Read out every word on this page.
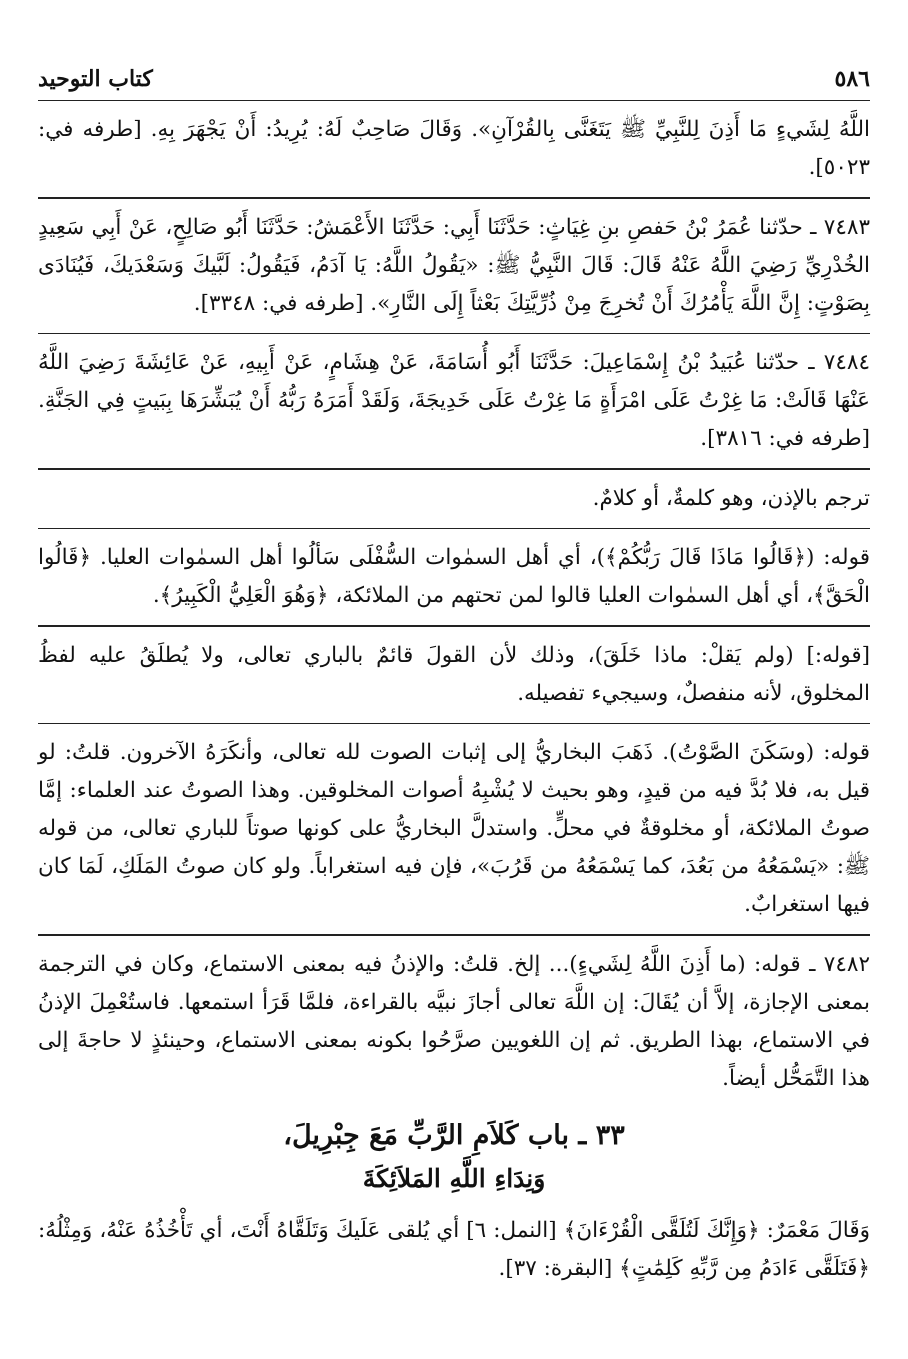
٥٨٦
كتاب التوحيد

اللَّهُ لِشَيءٍ مَا أَذِنَ لِلنَّبِيِّ ﷺ يَتَغَنَّى بِالقُرْآنِ». وَقَالَ صَاحِبٌ لَهُ: يُرِيدُ: أَنْ يَجْهَرَ بِهِ. [طرفه في: ٥٠٢٣].

٧٤٨٣ ـ حدّثنا عُمَرُ بْنُ حَفصِ بنِ غِيَاثٍ: حَدَّثَنَا أَبِي: حَدَّثَنَا الأَعْمَشُ: حَدَّثَنَا أَبُو صَالِحٍ، عَنْ أَبِي سَعِيدٍ الخُدْرِيِّ رَضِيَ اللَّهُ عَنْهُ قَالَ: قَالَ النَّبِيُّ ﷺ: «يَقُولُ اللَّهُ: يَا آدَمُ، فَيَقُولُ: لَبَّيكَ وَسَعْدَيكَ، فَيُنَادَى بِصَوْتٍ: إِنَّ اللَّهَ يَأْمُرُكَ أَنْ تُخرِجَ مِنْ ذُرِّيَّتِكَ بَعْثاً إِلَى النَّارِ». [طرفه في: ٣٣٤٨].

٧٤٨٤ ـ حدّثنا عُبَيدُ بْنُ إِسْمَاعِيلَ: حَدَّثَنَا أَبُو أُسَامَةَ، عَنْ هِشَامٍ، عَنْ أَبِيهِ، عَنْ عَائِشَةَ رَضِيَ اللَّهُ عَنْهَا قَالَتْ: مَا غِرْتُ عَلَى امْرَأَةٍ مَا غِرْتُ عَلَى خَدِيجَةَ، وَلَقَدْ أَمَرَهُ رَبُّهُ أَنْ يُبَشِّرَهَا بِبَيتٍ فِي الجَنَّةِ. [طرفه في: ٣٨١٦].

ترجم بالإذن، وهو كلمةٌ، أو كلامٌ.

قوله: (﴿قَالُوا مَاذَا قَالَ رَبُّكُمْ﴾)، أي أهل السمٰوات السُّفْلَى سَألُوا أهل السمٰوات العليا. ﴿قَالُوا الْحَقَّ﴾، أي أهل السمٰوات العليا قالوا لمن تحتهم من الملائكة، ﴿وَهُوَ الْعَلِيُّ الْكَبِيرُ﴾.

[قوله:] (ولم يَقلْ: ماذا خَلَقَ)، وذلك لأن القولَ قائمٌ بالباري تعالى، ولا يُطلَقُ عليه لفظُ المخلوق، لأنه منفصلٌ، وسيجيء تفصيله.

قوله: (وسَكَنَ الصَّوْتُ). ذَهَبَ البخاريُّ إلى إثبات الصوت لله تعالى، وأنكَرَهُ الآخرون. قلتُ: لو قيل به، فلا بُدَّ فيه من قيدٍ، وهو بحيث لا يُشْبِهُ أصوات المخلوقين. وهذا الصوتُ عند العلماء: إمَّا صوتُ الملائكة، أو مخلوقةٌ في محلٍّ. واستدلَّ البخاريُّ على كونها صوتاً للباري تعالى، من قوله ﷺ: «يَسْمَعُهُ من بَعُدَ، كما يَسْمَعُهُ من قَرُبَ»، فإن فيه استغراباً. ولو كان صوتُ المَلَكِ، لَمَا كان فيها استغرابٌ.

٧٤٨٢ ـ قوله: (ما أَذِنَ اللَّهُ لِشَيءٍ)... إلخ. قلتُ: والإذنُ فيه بمعنى الاستماع، وكان في الترجمة بمعنى الإجازة، إلاَّ أن يُقَالَ: إن اللَّهَ تعالى أجازَ نبيَّه بالقراءة، فلمَّا قَرَأ استمعها. فاستُعْمِلَ الإذنُ في الاستماع، بهذا الطريق. ثم إن اللغويين صرَّحُوا بكونه بمعنى الاستماع، وحينئذٍ لا حاجةَ إلى هذا التَّمَحُّل أيضاً.

٣٣ ـ باب كَلاَمِ الرَّبِّ مَعَ جِبْرِيلَ،
وَنِدَاءِ اللَّهِ المَلاَئِكَةَ

وَقَالَ مَعْمَرٌ: ﴿وَإِنَّكَ لَتُلَقَّى الْقُرْءَانَ﴾ [النمل: ٦] أي يُلقى عَلَيكَ وَتَلَقَّاهُ أَنْتَ، أي تَأْخُذُهُ عَنْهُ، وَمِثْلُهُ: ﴿فَتَلَقَّى ءَادَمُ مِن رَّبِّهِ كَلِمَٰتٍ﴾ [البقرة: ٣٧].
